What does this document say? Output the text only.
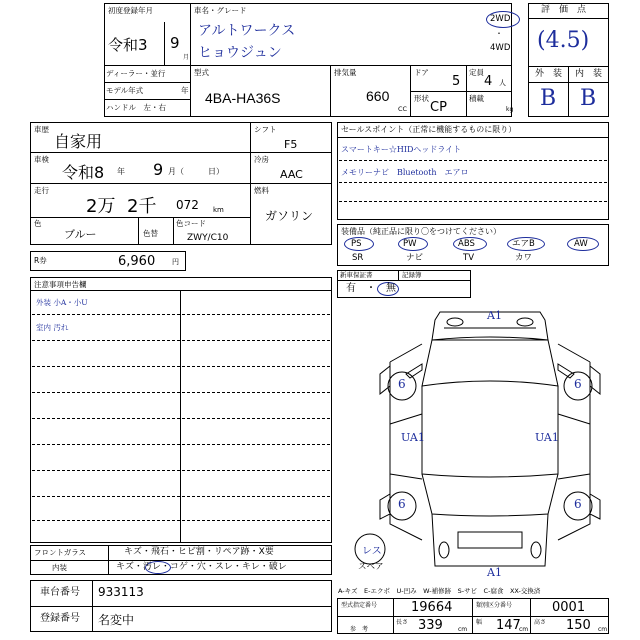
初度登録年月
令和3 9
月
車名・グレード
アルトワークス
ヒョウジュン
2WD
・
4WD
ディーラー・並行
モデル年式	年
ハンドル　左・右
型式
4BA-HA36S
排気量
660
CC
ドア
5
定員
4 人
形状
CP
積載
kg
評　価　点
(4.5)
外　装 内　装
B B
車歴
自家用
車検
令和8 年 9 月（　　　日）
走行
2万 2千 072 km
色
ブルー	色替
色コード
ZWY/C10
シフト
F5
冷房
AAC
燃料
ガソリン
R券	6,960 円
セールスポイント（正常に機能するものに限り）
スマートキー☆HIDヘッドライト
メモリーナビ　Bluetooth　エアロ
装備品（純正品に限り〇をつけてください）
PS	PW	ABS	エアB	AW
SR	ナビ	TV	カワ
新車保証書	記録簿
有　・　無
注意事項申告欄
外装 小A・小U
室内 汚れ
A1
A1
6	6
6	6
UA1	UA1
レス
スペア
フロントガラス	キズ・飛石・ヒビ割・リペア跡・X要
内装	キズ・汚レ・コゲ・穴・スレ・キレ・破レ
車台番号 933113
登録番号 名変中
A-キズ　E-エクボ　U-凹み　W-補修跡　S-サビ　C-腐食　XX-交換済
型式指定番号	19664	類別区分番号	0001
参　考
長さ 339	cm
幅 147
cm
高さ 150 cm
